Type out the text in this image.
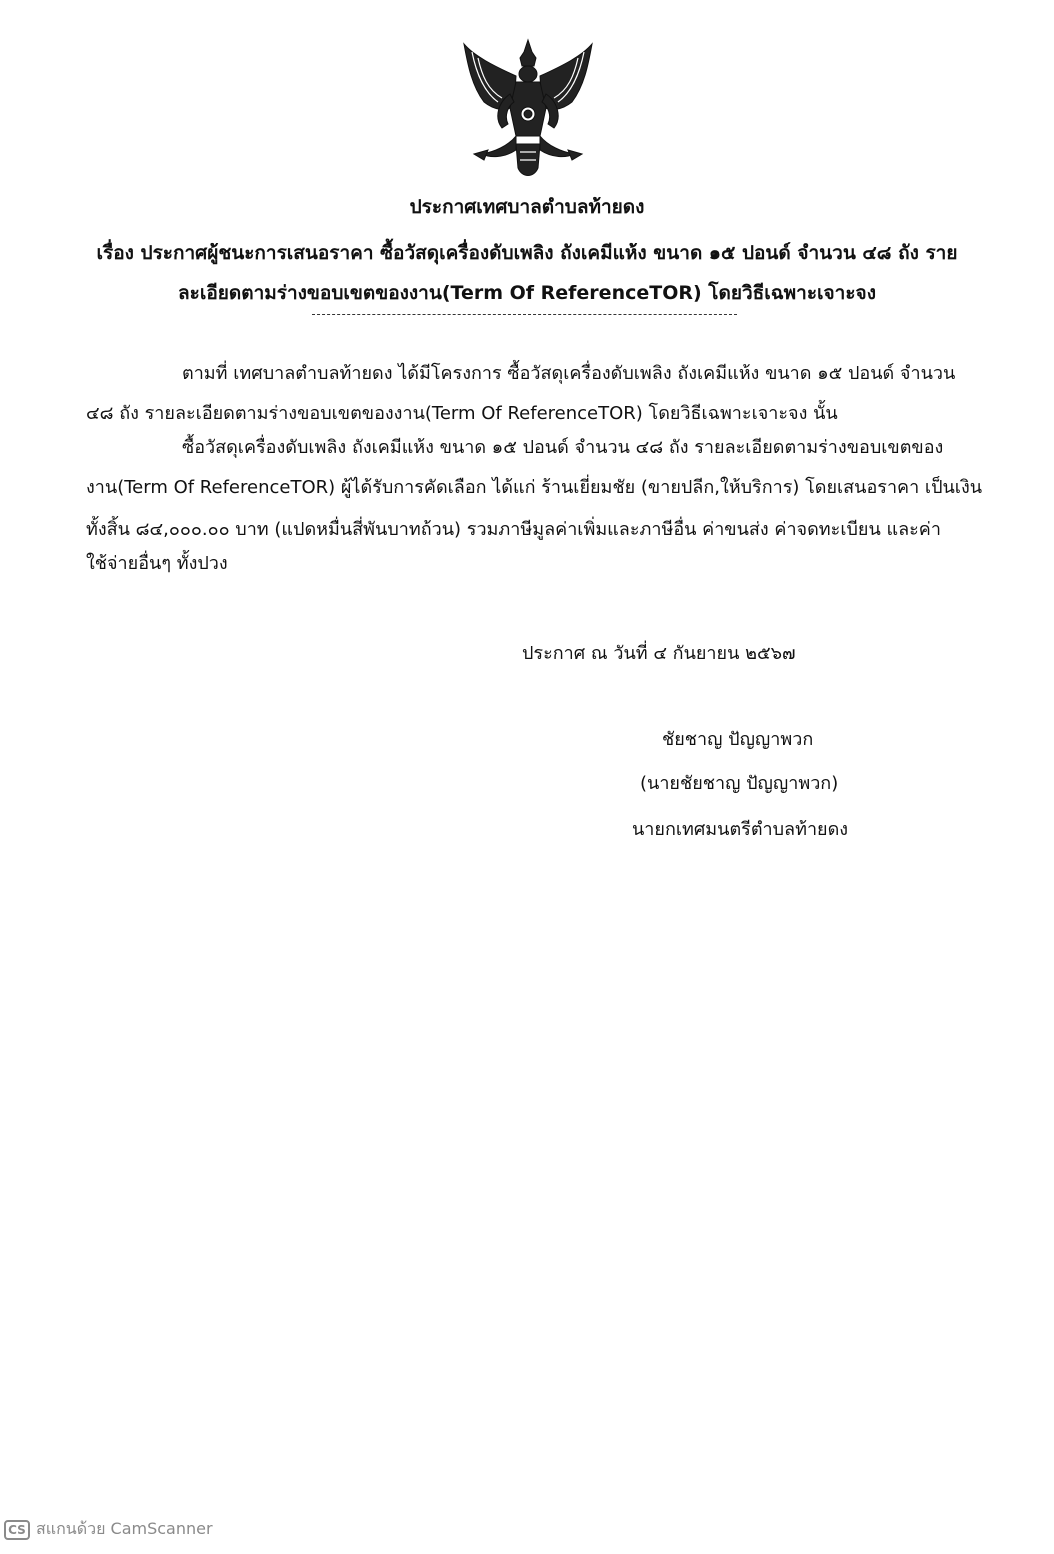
ประกาศเทศบาลตำบลท้ายดง
เรื่อง ประกาศผู้ชนะการเสนอราคา ซื้อวัสดุเครื่องดับเพลิง ถังเคมีแห้ง ขนาด ๑๕ ปอนด์ จำนวน ๔๘ ถัง ราย
ละเอียดตามร่างขอบเขตของงาน(Term Of ReferenceTOR) โดยวิธีเฉพาะเจาะจง
ตามที่ เทศบาลตำบลท้ายดง ได้มีโครงการ ซื้อวัสดุเครื่องดับเพลิง ถังเคมีแห้ง ขนาด ๑๕ ปอนด์ จำนวน
๔๘ ถัง รายละเอียดตามร่างขอบเขตของงาน(Term Of ReferenceTOR) โดยวิธีเฉพาะเจาะจง นั้น
ซื้อวัสดุเครื่องดับเพลิง ถังเคมีแห้ง ขนาด ๑๕ ปอนด์ จำนวน ๔๘ ถัง รายละเอียดตามร่างขอบเขตของ
งาน(Term Of ReferenceTOR) ผู้ได้รับการคัดเลือก ได้แก่ ร้านเยี่ยมชัย (ขายปลีก,ให้บริการ) โดยเสนอราคา เป็นเงิน
ทั้งสิ้น ๘๔,๐๐๐.๐๐ บาท (แปดหมื่นสี่พันบาทถ้วน) รวมภาษีมูลค่าเพิ่มและภาษีอื่น ค่าขนส่ง ค่าจดทะเบียน และค่า
ใช้จ่ายอื่นๆ ทั้งปวง
ประกาศ ณ วันที่ ๔ กันยายน ๒๕๖๗
ชัยชาญ ปัญญาพวก
(นายชัยชาญ ปัญญาพวก)
นายกเทศมนตรีตำบลท้ายดง
CS สแกนด้วย CamScanner
